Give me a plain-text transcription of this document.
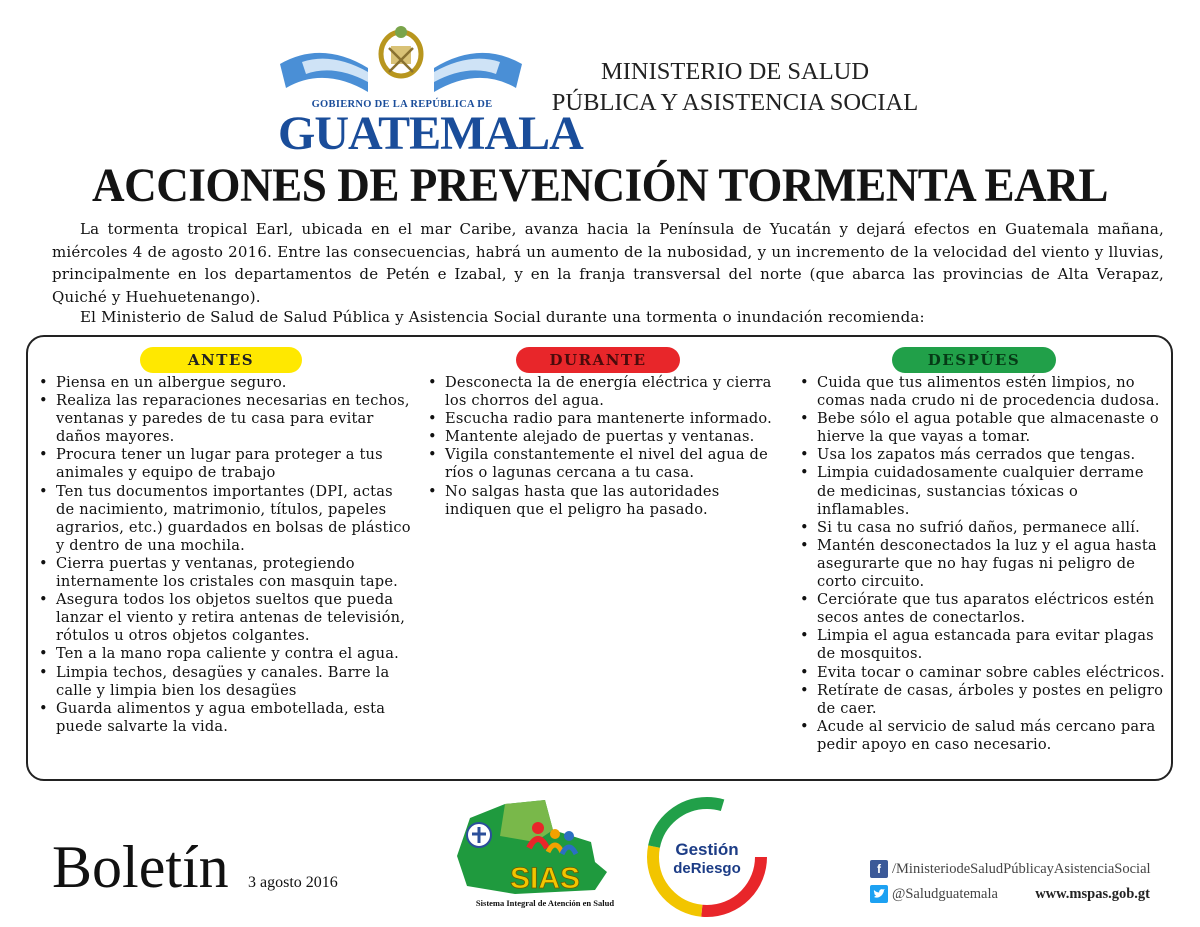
GOBIERNO DE LA REPÚBLICA DE
GUATEMALA
MINISTERIO DE SALUD
PÚBLICA Y ASISTENCIA SOCIAL
ACCIONES DE PREVENCIÓN TORMENTA EARL

La tormenta tropical Earl, ubicada en el mar Caribe, avanza hacia la Península de Yucatán y dejará efectos en Guatemala mañana, miércoles 4 de agosto 2016. Entre las consecuencias, habrá un aumento de la nubosidad, y un incremento de la velocidad del viento y lluvias, principalmente en los departamentos de Petén e Izabal, y en la franja transversal del norte (que abarca las provincias de Alta Verapaz, Quiché y Huehuetenango).

El Ministerio de Salud de Salud Pública y Asistencia Social durante una tormenta o inundación recomienda:

ANTES	DURANTE	DESPÚES
• Piensa en un albergue seguro.
• Realiza las reparaciones necesarias en techos, ventanas y paredes de tu casa para evitar daños mayores.
• Procura tener un lugar para proteger a tus animales y equipo de trabajo
• Ten tus documentos importantes (DPI, actas de nacimiento, matrimonio, títulos, papeles agrarios, etc.) guardados en bolsas de plástico y dentro de una mochila.
• Cierra puertas y ventanas, protegiendo internamente los cristales con masquin tape.
• Asegura todos los objetos sueltos que pueda lanzar el viento y retira antenas de televisión, rótulos u otros objetos colgantes.
• Ten a la mano ropa caliente y contra el agua.
• Limpia techos, desagües y canales. Barre la calle y limpia bien los desagües
• Guarda alimentos y agua embotellada, esta puede salvarte la vida.
• Desconecta la de energía eléctrica y cierra los chorros del agua.
• Escucha radio para mantenerte informado.
• Mantente alejado de puertas y ventanas.
• Vigila constantemente el nivel del agua de ríos o lagunas cercana a tu casa.
• No salgas hasta que las autoridades indiquen que el peligro ha pasado.
• Cuida que tus alimentos estén limpios, no comas nada crudo ni de procedencia dudosa.
• Bebe sólo el agua potable que almacenaste o hierve la que vayas a tomar.
• Usa los zapatos más cerrados que tengas.
• Limpia cuidadosamente cualquier derrame de medicinas, sustancias tóxicas o inflamables.
• Si tu casa no sufrió daños, permanece allí.
• Mantén desconectados la luz y el agua hasta asegurarte que no hay fugas ni peligro de corto circuito.
• Cerciórate que tus aparatos eléctricos estén secos antes de conectarlos.
• Limpia el agua estancada para evitar plagas de mosquitos.
• Evita tocar o caminar sobre cables eléctricos.
• Retírate de casas, árboles y postes en peligro de caer.
• Acude al servicio de salud más cercano para pedir apoyo en caso necesario.
Boletín 3 agosto 2016	SIAS
Sistema Integral de Atención en Salud
Gestión
deRiesgo	f /MinisteriodeSaludPúblicayAsistenciaSocial
@Saludguatemala	www.mspas.gob.gt
